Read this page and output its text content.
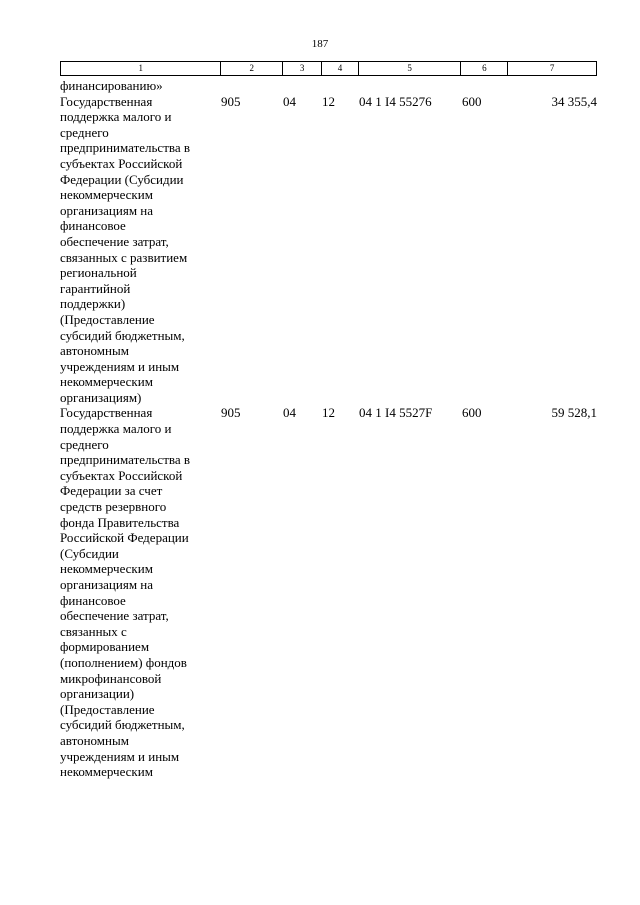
187
1	2	3	4	5	6	7
финансированию»
Государственная
поддержка малого и
среднего
предпринимательства в
субъектах Российской
Федерации (Субсидии
некоммерческим
организациям на
финансовое
обеспечение затрат,
связанных с развитием
региональной
гарантийной
поддержки)
(Предоставление
субсидий бюджетным,
автономным
учреждениям и иным
некоммерческим
организациям)
905	04	12	04 1 I4 55276	600	34 355,4
Государственная
поддержка малого и
среднего
предпринимательства в
субъектах Российской
Федерации за счет
средств резервного
фонда Правительства
Российской Федерации
(Субсидии
некоммерческим
организациям на
финансовое
обеспечение затрат,
связанных с
формированием
(пополнением) фондов
микрофинансовой
организации)
(Предоставление
субсидий бюджетным,
автономным
учреждениям и иным
некоммерческим
905	04	12	04 1 I4 5527F	600	59 528,1
